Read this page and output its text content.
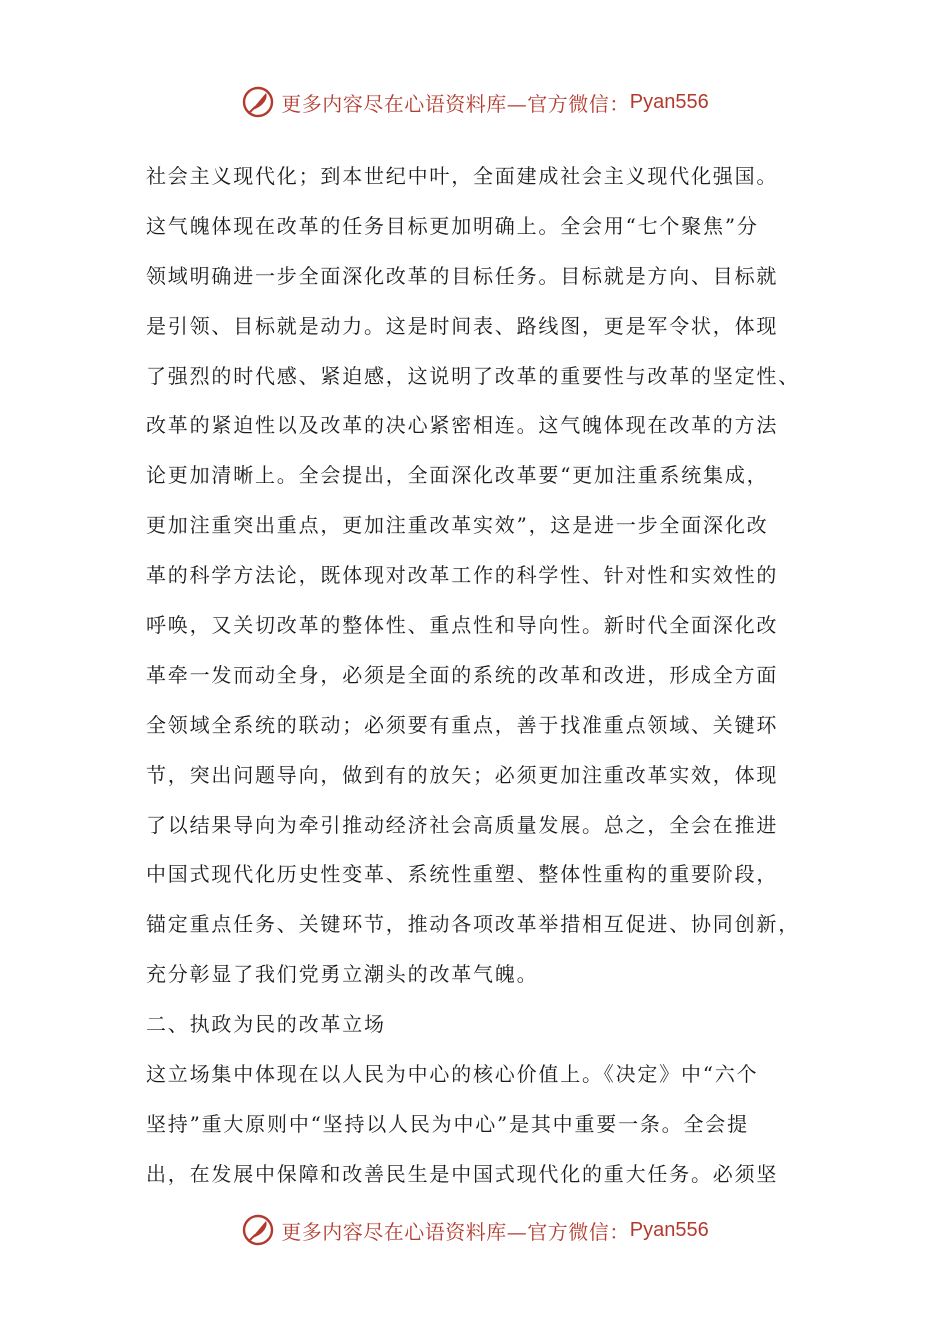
更多内容尽在心语资料库—官方微信： Pyan556
社会主义现代化；到本世纪中叶，全面建成社会主义现代化强国。
这气魄体现在改革的任务目标更加明确上。全会用“七个聚焦”分
领域明确进一步全面深化改革的目标任务。目标就是方向、目标就
是引领、目标就是动力。这是时间表、路线图，更是军令状，体现
了强烈的时代感、紧迫感，这说明了改革的重要性与改革的坚定性、
改革的紧迫性以及改革的决心紧密相连。这气魄体现在改革的方法
论更加清晰上。全会提出，全面深化改革要“更加注重系统集成，
更加注重突出重点，更加注重改革实效”，这是进一步全面深化改
革的科学方法论，既体现对改革工作的科学性、针对性和实效性的
呼唤，又关切改革的整体性、重点性和导向性。新时代全面深化改
革牵一发而动全身，必须是全面的系统的改革和改进，形成全方面
全领域全系统的联动；必须要有重点，善于找准重点领域、关键环
节，突出问题导向，做到有的放矢；必须更加注重改革实效，体现
了以结果导向为牵引推动经济社会高质量发展。总之，全会在推进
中国式现代化历史性变革、系统性重塑、整体性重构的重要阶段，
锚定重点任务、关键环节，推动各项改革举措相互促进、协同创新，
充分彰显了我们党勇立潮头的改革气魄。
二、执政为民的改革立场
这立场集中体现在以人民为中心的核心价值上。《决定》中“六个
坚持”重大原则中“坚持以人民为中心”是其中重要一条。全会提
出，在发展中保障和改善民生是中国式现代化的重大任务。必须坚
更多内容尽在心语资料库—官方微信： Pyan556
